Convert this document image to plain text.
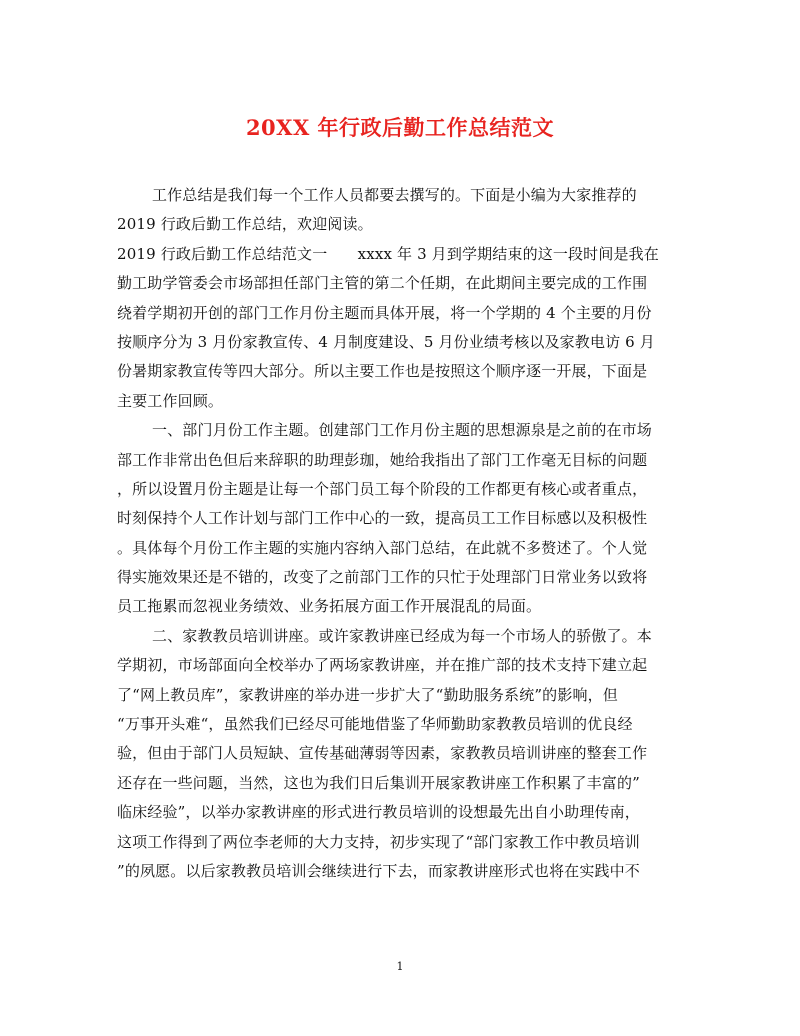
20XX 年行政后勤工作总结范文
工作总结是我们每一个工作人员都要去撰写的。下面是小编为大家推荐的
2019 行政后勤工作总结，欢迎阅读。
2019 行政后勤工作总结范文一　　xxxx 年 3 月到学期结束的这一段时间是我在
勤工助学管委会市场部担任部门主管的第二个任期，在此期间主要完成的工作围
绕着学期初开创的部门工作月份主题而具体开展，将一个学期的 4 个主要的月份
按顺序分为 3 月份家教宣传、4 月制度建设、5 月份业绩考核以及家教电访 6 月
份暑期家教宣传等四大部分。所以主要工作也是按照这个顺序逐一开展，下面是
主要工作回顾。
一、部门月份工作主题。创建部门工作月份主题的思想源泉是之前的在市场
部工作非常出色但后来辞职的助理彭珈，她给我指出了部门工作毫无目标的问题
，所以设置月份主题是让每一个部门员工每个阶段的工作都更有核心或者重点，
时刻保持个人工作计划与部门工作中心的一致，提高员工工作目标感以及积极性
。具体每个月份工作主题的实施内容纳入部门总结，在此就不多赘述了。个人觉
得实施效果还是不错的，改变了之前部门工作的只忙于处理部门日常业务以致将
员工拖累而忽视业务绩效、业务拓展方面工作开展混乱的局面。
二、家教教员培训讲座。或许家教讲座已经成为每一个市场人的骄傲了。本
学期初，市场部面向全校举办了两场家教讲座，并在推广部的技术支持下建立起
了“网上教员库”，家教讲座的举办进一步扩大了“勤助服务系统”的影响，但
“万事开头难“，虽然我们已经尽可能地借鉴了华师勤助家教教员培训的优良经
验，但由于部门人员短缺、宣传基础薄弱等因素，家教教员培训讲座的整套工作
还存在一些问题，当然，这也为我们日后集训开展家教讲座工作积累了丰富的”
临床经验”，以举办家教讲座的形式进行教员培训的设想最先出自小助理传南，
这项工作得到了两位李老师的大力支持，初步实现了“部门家教工作中教员培训
”的夙愿。以后家教教员培训会继续进行下去，而家教讲座形式也将在实践中不
1
